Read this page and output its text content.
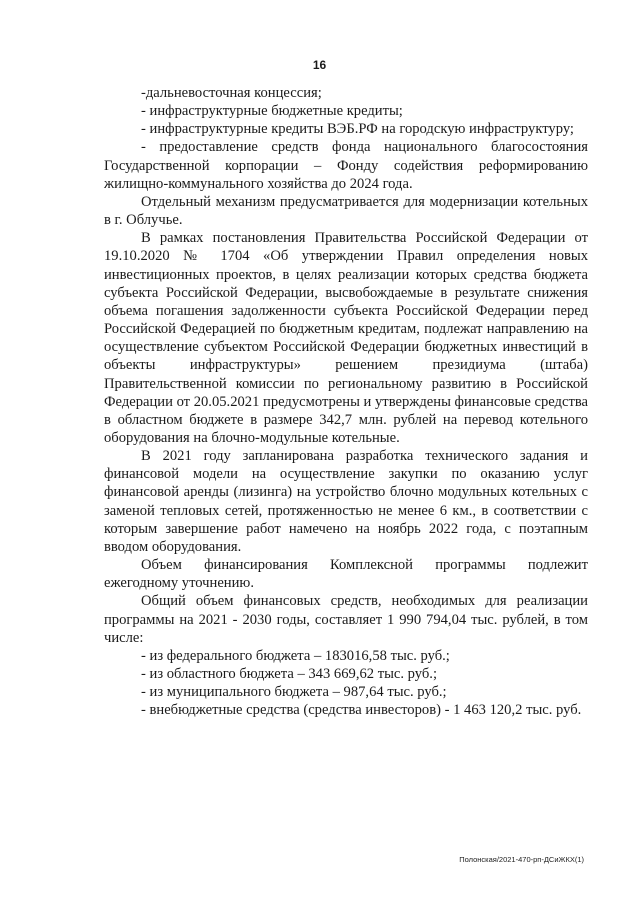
16

-дальневосточная концессия;

- инфраструктурные бюджетные кредиты;

- инфраструктурные кредиты ВЭБ.РФ на городскую инфраструктуру;

- предоставление средств фонда национального благосостояния Государственной корпорации – Фонду содействия реформированию жилищно-коммунального хозяйства до 2024 года.

Отдельный механизм предусматривается для модернизации котельных в г. Облучье.

В рамках постановления Правительства Российской Федерации от 19.10.2020 № 1704 «Об утверждении Правил определения новых инвестиционных проектов, в целях реализации которых средства бюджета субъекта Российской Федерации, высвобождаемые в результате снижения объема погашения задолженности субъекта Российской Федерации перед Российской Федерацией по бюджетным кредитам, подлежат направлению на осуществление субъектом Российской Федерации бюджетных инвестиций в объекты инфраструктуры» решением президиума (штаба) Правительственной комиссии по региональному развитию в Российской Федерации от 20.05.2021 предусмотрены и утверждены финансовые средства в областном бюджете в размере 342,7 млн. рублей на перевод котельного оборудования на блочно-модульные котельные.

В 2021 году запланирована разработка технического задания и финансовой модели на осуществление закупки по оказанию услуг финансовой аренды (лизинга) на устройство блочно модульных котельных с заменой тепловых сетей, протяженностью не менее 6 км., в соответствии с которым завершение работ намечено на ноябрь 2022 года, с поэтапным вводом оборудования.

Объем финансирования Комплексной программы подлежит ежегодному уточнению.

Общий объем финансовых средств, необходимых для реализации программы на 2021 - 2030 годы, составляет 1 990 794,04 тыс. рублей, в том числе:

- из федерального бюджета – 183016,58 тыс. руб.;

- из областного бюджета – 343 669,62 тыс. руб.;

- из муниципального бюджета – 987,64 тыс. руб.;

- внебюджетные средства (средства инвесторов) - 1 463 120,2 тыс. руб.

Полонская/2021-470-рп-ДСиЖКХ(1)
